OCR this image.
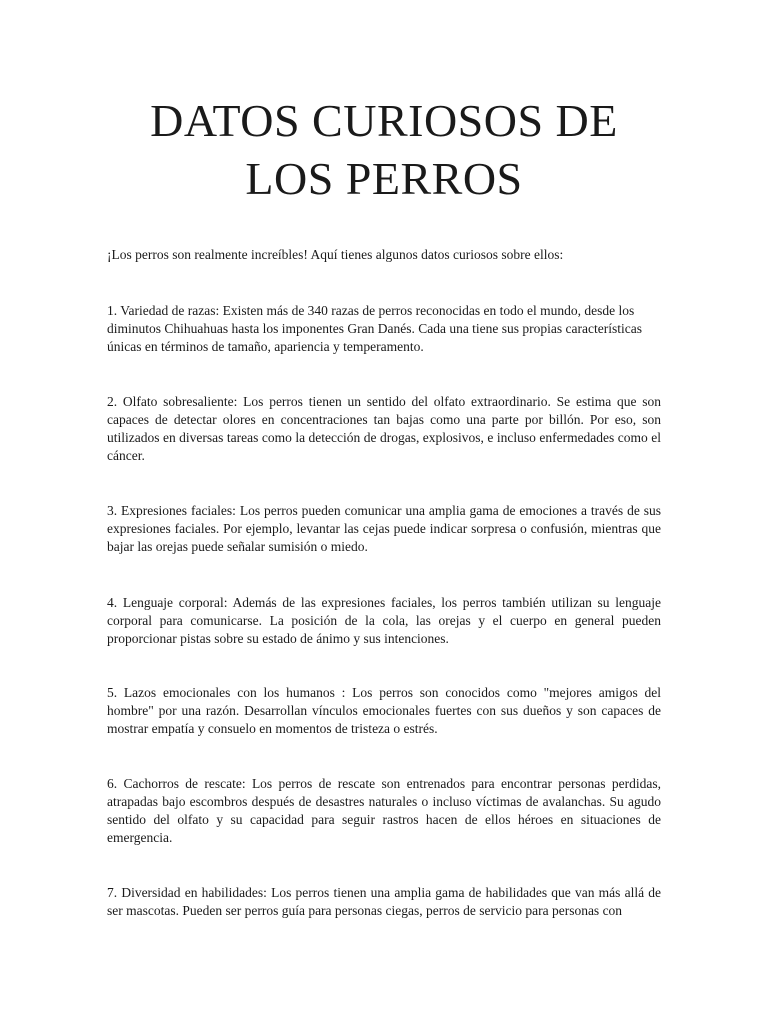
DATOS CURIOSOS DE LOS PERROS

¡Los perros son realmente increíbles! Aquí tienes algunos datos curiosos sobre ellos:

1. Variedad de razas: Existen más de 340 razas de perros reconocidas en todo el mundo, desde los diminutos Chihuahuas hasta los imponentes Gran Danés. Cada una tiene sus propias características únicas en términos de tamaño, apariencia y temperamento.

2. Olfato sobresaliente: Los perros tienen un sentido del olfato extraordinario. Se estima que son capaces de detectar olores en concentraciones tan bajas como una parte por billón. Por eso, son utilizados en diversas tareas como la detección de drogas, explosivos, e incluso enfermedades como el cáncer.

3. Expresiones faciales: Los perros pueden comunicar una amplia gama de emociones a través de sus expresiones faciales. Por ejemplo, levantar las cejas puede indicar sorpresa o confusión, mientras que bajar las orejas puede señalar sumisión o miedo.

4. Lenguaje corporal: Además de las expresiones faciales, los perros también utilizan su lenguaje corporal para comunicarse. La posición de la cola, las orejas y el cuerpo en general pueden proporcionar pistas sobre su estado de ánimo y sus intenciones.

5. Lazos emocionales con los humanos : Los perros son conocidos como "mejores amigos del hombre" por una razón. Desarrollan vínculos emocionales fuertes con sus dueños y son capaces de mostrar empatía y consuelo en momentos de tristeza o estrés.

6. Cachorros de rescate: Los perros de rescate son entrenados para encontrar personas perdidas, atrapadas bajo escombros después de desastres naturales o incluso víctimas de avalanchas. Su agudo sentido del olfato y su capacidad para seguir rastros hacen de ellos héroes en situaciones de emergencia.

7. Diversidad en habilidades: Los perros tienen una amplia gama de habilidades que van más allá de ser mascotas. Pueden ser perros guía para personas ciegas, perros de servicio para personas con
